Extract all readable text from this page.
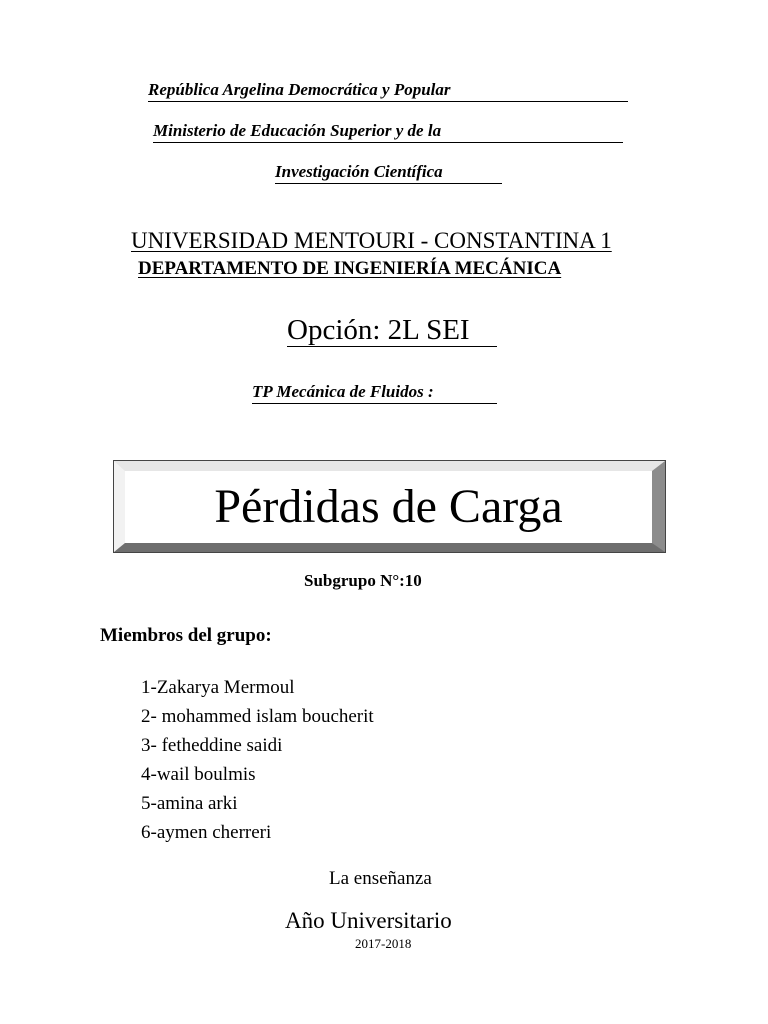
República Argelina Democrática y Popular
Ministerio de Educación Superior y de la
Investigación Científica
UNIVERSIDAD MENTOURI - CONSTANTINA 1
DEPARTAMENTO DE INGENIERÍA MECÁNICA
Opción: 2L SEI
TP Mecánica de Fluidos :
Pérdidas de Carga
Subgrupo N°:10
Miembros del grupo:
1-Zakarya Mermoul
2- mohammed islam boucherit
3- fetheddine saidi
4-wail boulmis
5-amina arki
6-aymen cherreri
La enseñanza
Año Universitario
2017-2018
